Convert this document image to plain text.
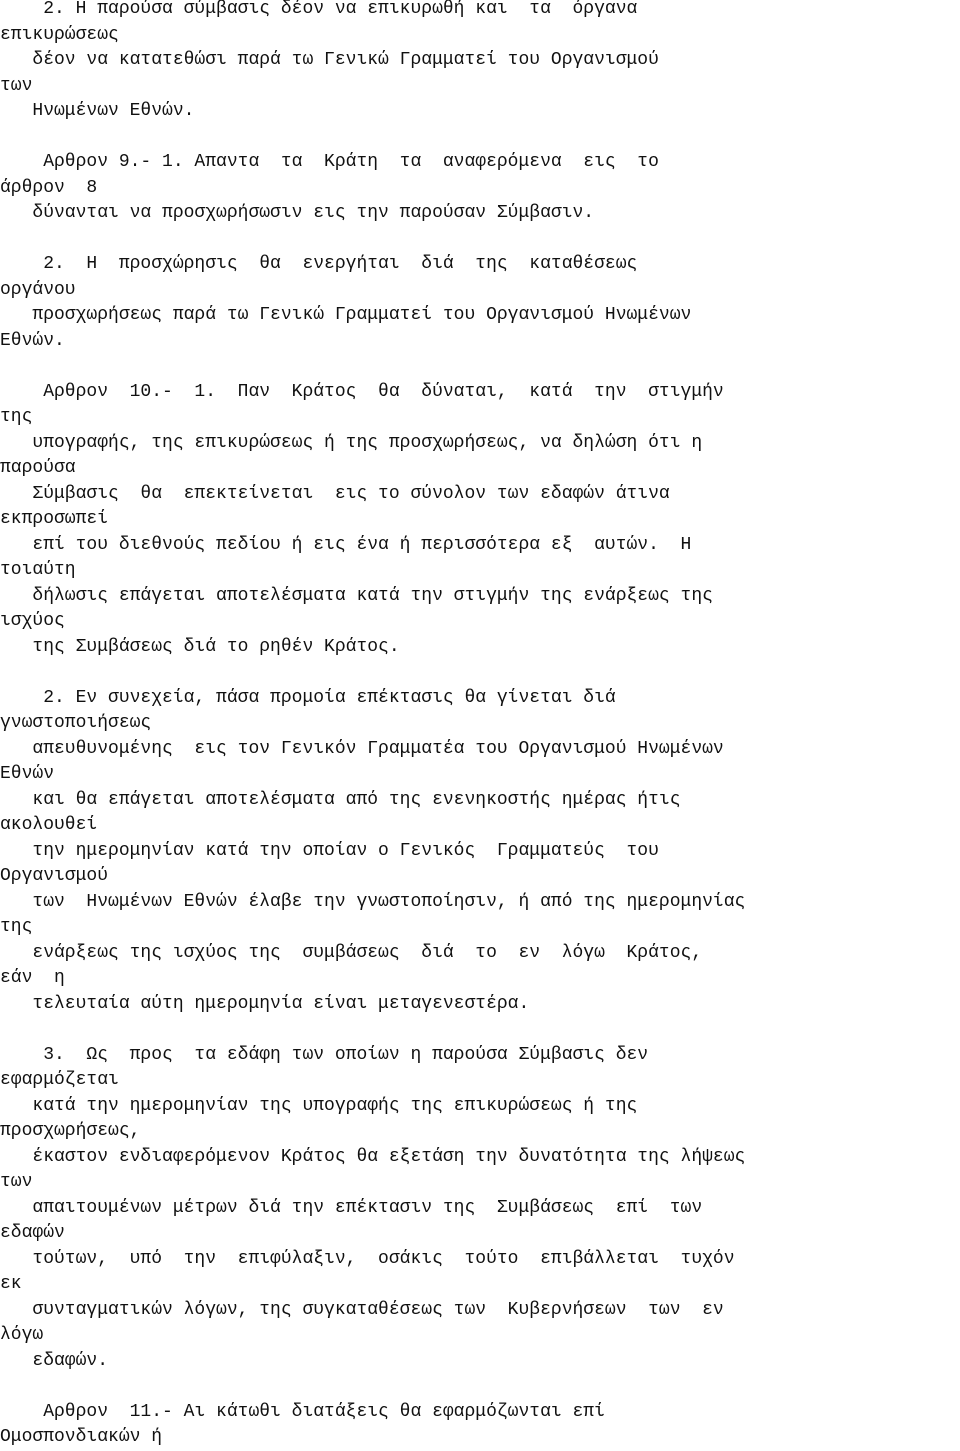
2. Η παρούσα σύμβασις δέον να επικυρωθή και  τα  όργανα
επικυρώσεως
δέον να κατατεθώσι παρά τω Γενικώ Γραμματεί του Οργανισμού
των
Ηνωμένων Εθνών.
Αρθρον 9.- 1. Απαντα  τα  Κράτη  τα  αναφερόμενα  εις  το
άρθρον  8
δύνανται να προσχωρήσωσιν εις την παρούσαν Σύμβασιν.
2.  Η  προσχώρησις  θα  ενεργήται  διά  της  καταθέσεως
οργάνου
προσχωρήσεως παρά τω Γενικώ Γραμματεί του Οργανισμού Ηνωμένων
Εθνών.
Αρθρον  10.-  1.  Παν  Κράτος  θα  δύναται,  κατά  την  στιγμήν
της
υπογραφής, της επικυρώσεως ή της προσχωρήσεως, να δηλώση ότι η
παρούσα
Σύμβασις  θα  επεκτείνεται  εις το σύνολον των εδαφών άτινα
εκπροσωπεί
επί του διεθνούς πεδίου ή εις ένα ή περισσότερα εξ  αυτών.  Η
τοιαύτη
δήλωσις επάγεται αποτελέσματα κατά την στιγμήν της ενάρξεως της
ισχύος
της Συμβάσεως διά το ρηθέν Κράτος.
2. Εν συνεχεία, πάσα προμοία επέκτασις θα γίνεται διά
γνωστοποιήσεως
απευθυνομένης  εις τον Γενικόν Γραμματέα του Οργανισμού Ηνωμένων
Εθνών
και θα επάγεται αποτελέσματα από της ενενηκοστής ημέρας ήτις
ακολουθεί
την ημερομηνίαν κατά την οποίαν ο Γενικός  Γραμματεύς  του
Οργανισμού
των  Ηνωμένων Εθνών έλαβε την γνωστοποίησιν, ή από της ημερομηνίας
της
ενάρξεως της ισχύος της  συμβάσεως  διά  το  εν  λόγω  Κράτος,
εάν  η
τελευταία αύτη ημερομηνία είναι μεταγενεστέρα.
3.  Ως  προς  τα εδάφη των οποίων η παρούσα Σύμβασις δεν
εφαρμόζεται
κατά την ημερομηνίαν της υπογραφής της επικυρώσεως ή της
προσχωρήσεως,
έκαστον ενδιαφερόμενον Κράτος θα εξετάση την δυνατότητα της λήψεως
των
απαιτουμένων μέτρων διά την επέκτασιν της  Συμβάσεως  επί  των
εδαφών
τούτων,  υπό  την  επιφύλαξιν,  οσάκις  τούτο  επιβάλλεται  τυχόν
εκ
συνταγματικών λόγων, της συγκαταθέσεως των  Κυβερνήσεων  των  εν
λόγω
εδαφών.
Αρθρον  11.- Αι κάτωθι διατάξεις θα εφαρμόζωνται επί
Ομοσπονδιακών ή
